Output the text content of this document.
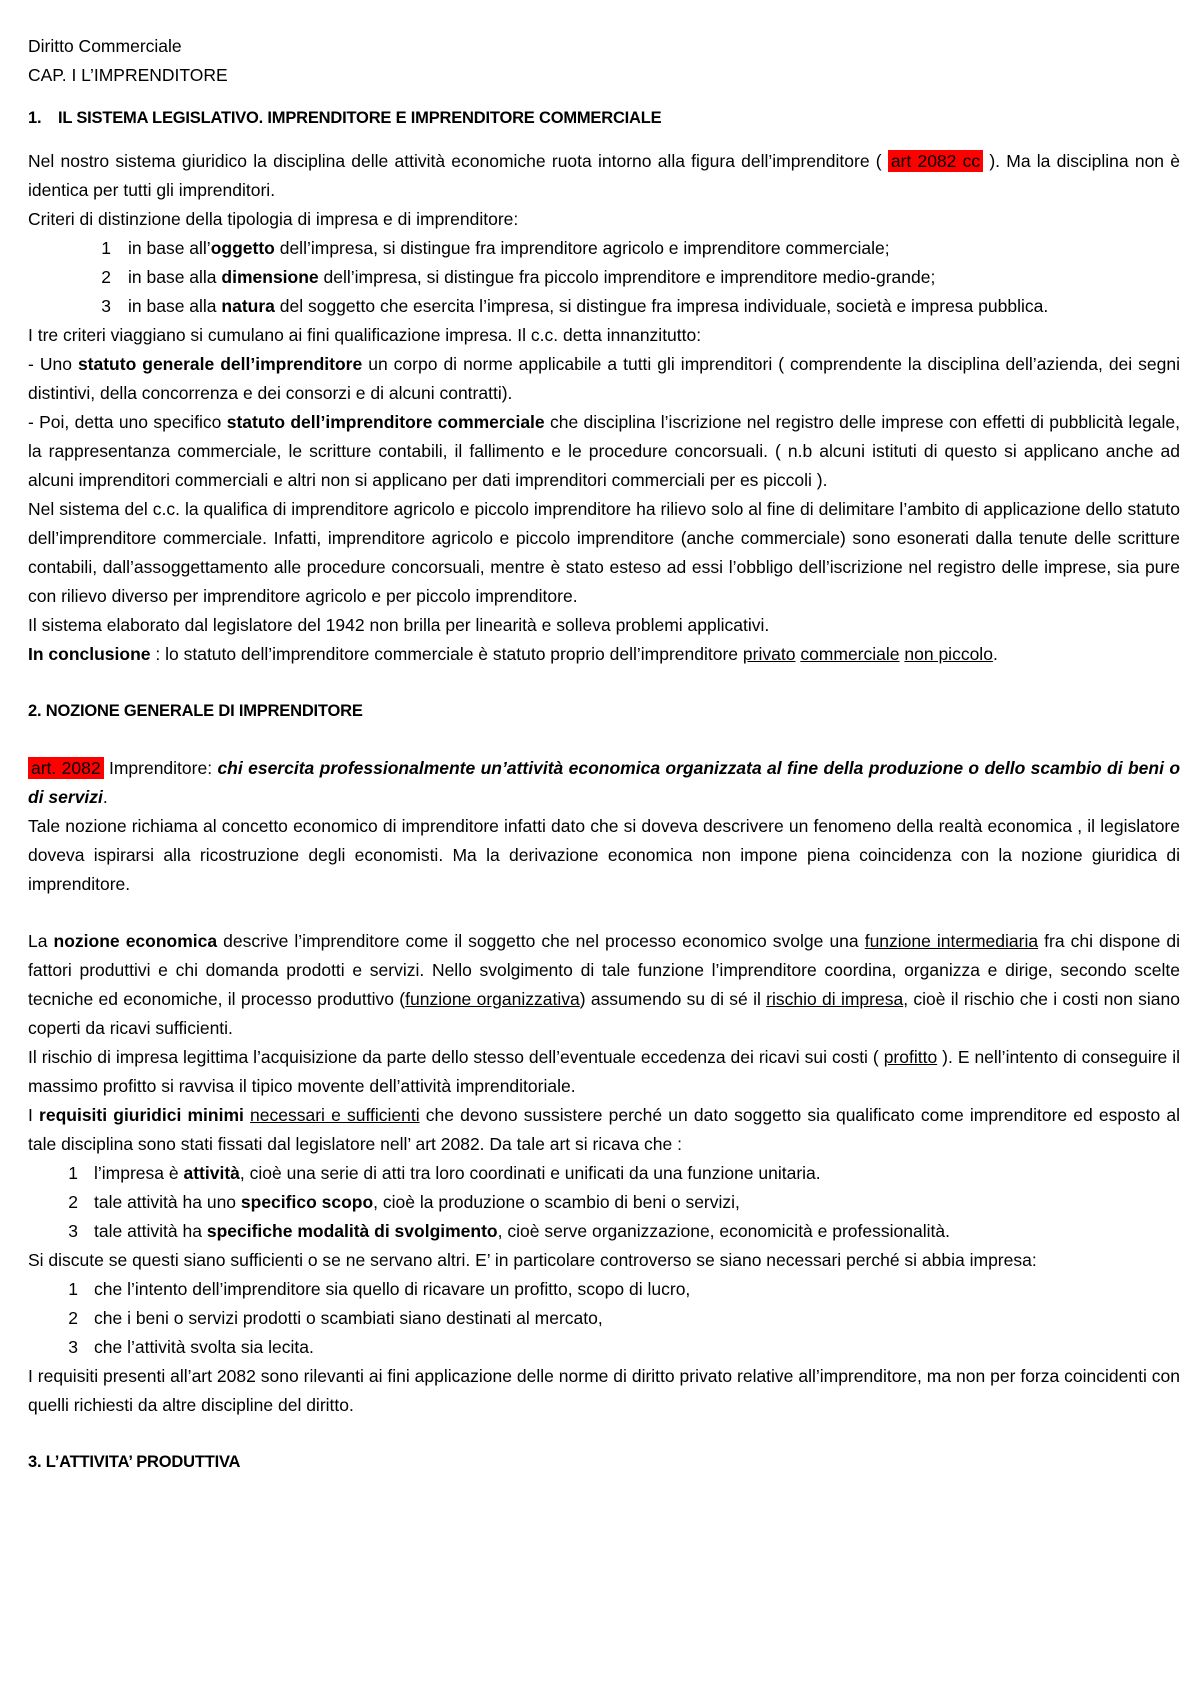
Diritto Commerciale

CAP. I L’IMPRENDITORE

1. IL SISTEMA LEGISLATIVO. IMPRENDITORE E IMPRENDITORE COMMERCIALE

Nel nostro sistema giuridico la disciplina delle attività economiche ruota intorno alla figura dell’imprenditore ( art 2082 cc ). Ma la disciplina non è identica per tutti gli imprenditori.

Criteri di distinzione della tipologia di impresa e di imprenditore:

1 in base all’oggetto dell’impresa, si distingue fra imprenditore agricolo e imprenditore commerciale;
2 in base alla dimensione dell’impresa, si distingue fra piccolo imprenditore e imprenditore medio-grande;
3 in base alla natura del soggetto che esercita l’impresa, si distingue fra impresa individuale, società e impresa pubblica.

I tre criteri viaggiano si cumulano ai fini qualificazione impresa. Il c.c. detta innanzitutto:

- Uno statuto generale dell’imprenditore un corpo di norme applicabile a tutti gli imprenditori ( comprendente la disciplina dell’azienda, dei segni distintivi, della concorrenza e dei consorzi e di alcuni contratti).

- Poi, detta uno specifico statuto dell’imprenditore commerciale che disciplina l’iscrizione nel registro delle imprese con effetti di pubblicità legale, la rappresentanza commerciale, le scritture contabili, il fallimento e le procedure concorsuali. ( n.b alcuni istituti di questo si applicano anche ad alcuni imprenditori commerciali e altri non si applicano per dati imprenditori commerciali per es piccoli ).

Nel sistema del c.c. la qualifica di imprenditore agricolo e piccolo imprenditore ha rilievo solo al fine di delimitare l’ambito di applicazione dello statuto dell’imprenditore commerciale. Infatti, imprenditore agricolo e piccolo imprenditore (anche commerciale) sono esonerati dalla tenute delle scritture contabili, dall’assoggettamento alle procedure concorsuali, mentre è stato esteso ad essi l’obbligo dell’iscrizione nel registro delle imprese, sia pure con rilievo diverso per imprenditore agricolo e per piccolo imprenditore.

Il sistema elaborato dal legislatore del 1942 non brilla per linearità e solleva problemi applicativi.

In conclusione : lo statuto dell’imprenditore commerciale è statuto proprio dell’imprenditore privato commerciale non piccolo.

2. NOZIONE GENERALE DI IMPRENDITORE

art. 2082 Imprenditore: chi esercita professionalmente un’attività economica organizzata al fine della produzione o dello scambio di beni o di servizi.

Tale nozione richiama al concetto economico di imprenditore infatti dato che si doveva descrivere un fenomeno della realtà economica , il legislatore doveva ispirarsi alla ricostruzione degli economisti. Ma la derivazione economica non impone piena coincidenza con la nozione giuridica di imprenditore.

La nozione economica descrive l’imprenditore come il soggetto che nel processo economico svolge una funzione intermediaria fra chi dispone di fattori produttivi e chi domanda prodotti e servizi. Nello svolgimento di tale funzione l’imprenditore coordina, organizza e dirige, secondo scelte tecniche ed economiche, il processo produttivo (funzione organizzativa) assumendo su di sé il rischio di impresa, cioè il rischio che i costi non siano coperti da ricavi sufficienti.

Il rischio di impresa legittima l’acquisizione da parte dello stesso dell’eventuale eccedenza dei ricavi sui costi ( profitto ). E nell’intento di conseguire il massimo profitto si ravvisa il tipico movente dell’attività imprenditoriale.

I requisiti giuridici minimi necessari e sufficienti che devono sussistere perché un dato soggetto sia qualificato come imprenditore ed esposto al tale disciplina sono stati fissati dal legislatore nell’ art 2082. Da tale art si ricava che :

1 l’impresa è attività, cioè una serie di atti tra loro coordinati e unificati da una funzione unitaria.
2 tale attività ha uno specifico scopo, cioè la produzione o scambio di beni o servizi,
3 tale attività ha specifiche modalità di svolgimento, cioè serve organizzazione, economicità e professionalità.

Si discute se questi siano sufficienti o se ne servano altri. E’ in particolare controverso se siano necessari perché si abbia impresa:

1 che l’intento dell’imprenditore sia quello di ricavare un profitto, scopo di lucro,
2 che i beni o servizi prodotti o scambiati siano destinati al mercato,
3 che l’attività svolta sia lecita.

I requisiti presenti all’art 2082 sono rilevanti ai fini applicazione delle norme di diritto privato relative all’imprenditore, ma non per forza coincidenti con quelli richiesti da altre discipline del diritto.

3. L’ATTIVITA’ PRODUTTIVA
